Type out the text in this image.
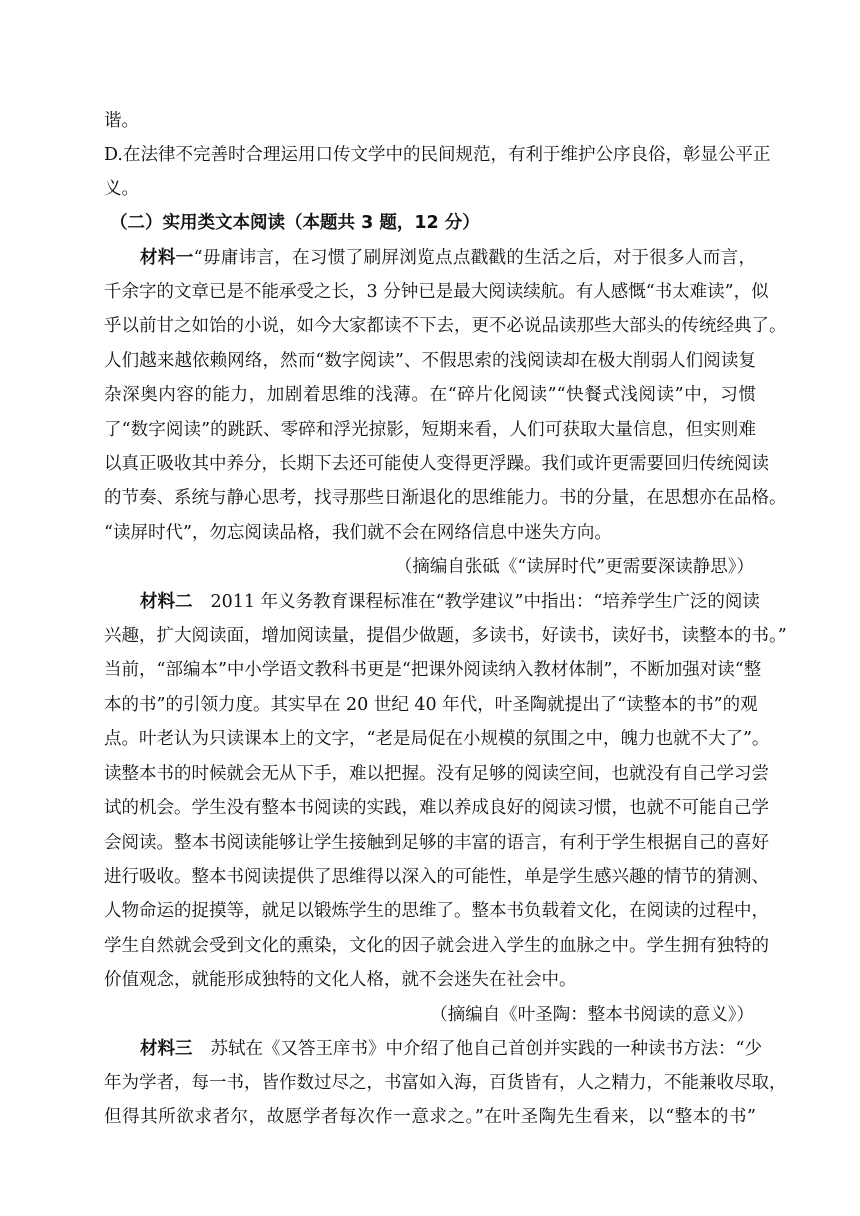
谐。
D.在法律不完善时合理运用口传文学中的民间规范，有利于维护公序良俗，彰显公平正
义。
（二）实用类文本阅读（本题共 3 题，12 分）
材料一“毋庸讳言，在习惯了刷屏浏览点点戳戳的生活之后，对于很多人而言，
千余字的文章已是不能承受之长，3 分钟已是最大阅读续航。有人感慨“书太难读”，似
乎以前甘之如饴的小说，如今大家都读不下去，更不必说品读那些大部头的传统经典了。
人们越来越依赖网络，然而“数字阅读”、不假思索的浅阅读却在极大削弱人们阅读复
杂深奥内容的能力，加剧着思维的浅薄。在“碎片化阅读”“快餐式浅阅读”中，习惯
了“数字阅读”的跳跃、零碎和浮光掠影，短期来看，人们可获取大量信息，但实则难
以真正吸收其中养分，长期下去还可能使人变得更浮躁。我们或许更需要回归传统阅读
的节奏、系统与静心思考，找寻那些日渐退化的思维能力。书的分量，在思想亦在品格。
“读屏时代”，勿忘阅读品格，我们就不会在网络信息中迷失方向。
（摘编自张砥《“读屏时代”更需要深读静思》）
材料二 2011 年义务教育课程标准在“教学建议”中指出：“培养学生广泛的阅读
兴趣，扩大阅读面，增加阅读量，提倡少做题，多读书，好读书，读好书，读整本的书。”
当前，“部编本”中小学语文教科书更是“把课外阅读纳入教材体制”，不断加强对读“整
本的书”的引领力度。其实早在 20 世纪 40 年代，叶圣陶就提出了“读整本的书”的观
点。叶老认为只读课本上的文字，“老是局促在小规模的氛围之中，魄力也就不大了”。
读整本书的时候就会无从下手，难以把握。没有足够的阅读空间，也就没有自己学习尝
试的机会。学生没有整本书阅读的实践，难以养成良好的阅读习惯，也就不可能自己学
会阅读。整本书阅读能够让学生接触到足够的丰富的语言，有利于学生根据自己的喜好
进行吸收。整本书阅读提供了思维得以深入的可能性，单是学生感兴趣的情节的猜测、
人物命运的捉摸等，就足以锻炼学生的思维了。整本书负载着文化，在阅读的过程中，
学生自然就会受到文化的熏染，文化的因子就会进入学生的血脉之中。学生拥有独特的
价值观念，就能形成独特的文化人格，就不会迷失在社会中。
（摘编自《叶圣陶：整本书阅读的意义》）
材料三 苏轼在《又答王庠书》中介绍了他自己首创并实践的一种读书方法：“少
年为学者，每一书，皆作数过尽之，书富如入海，百货皆有，人之精力，不能兼收尽取，
但得其所欲求者尔，故愿学者每次作一意求之。”在叶圣陶先生看来，以“整本的书”
